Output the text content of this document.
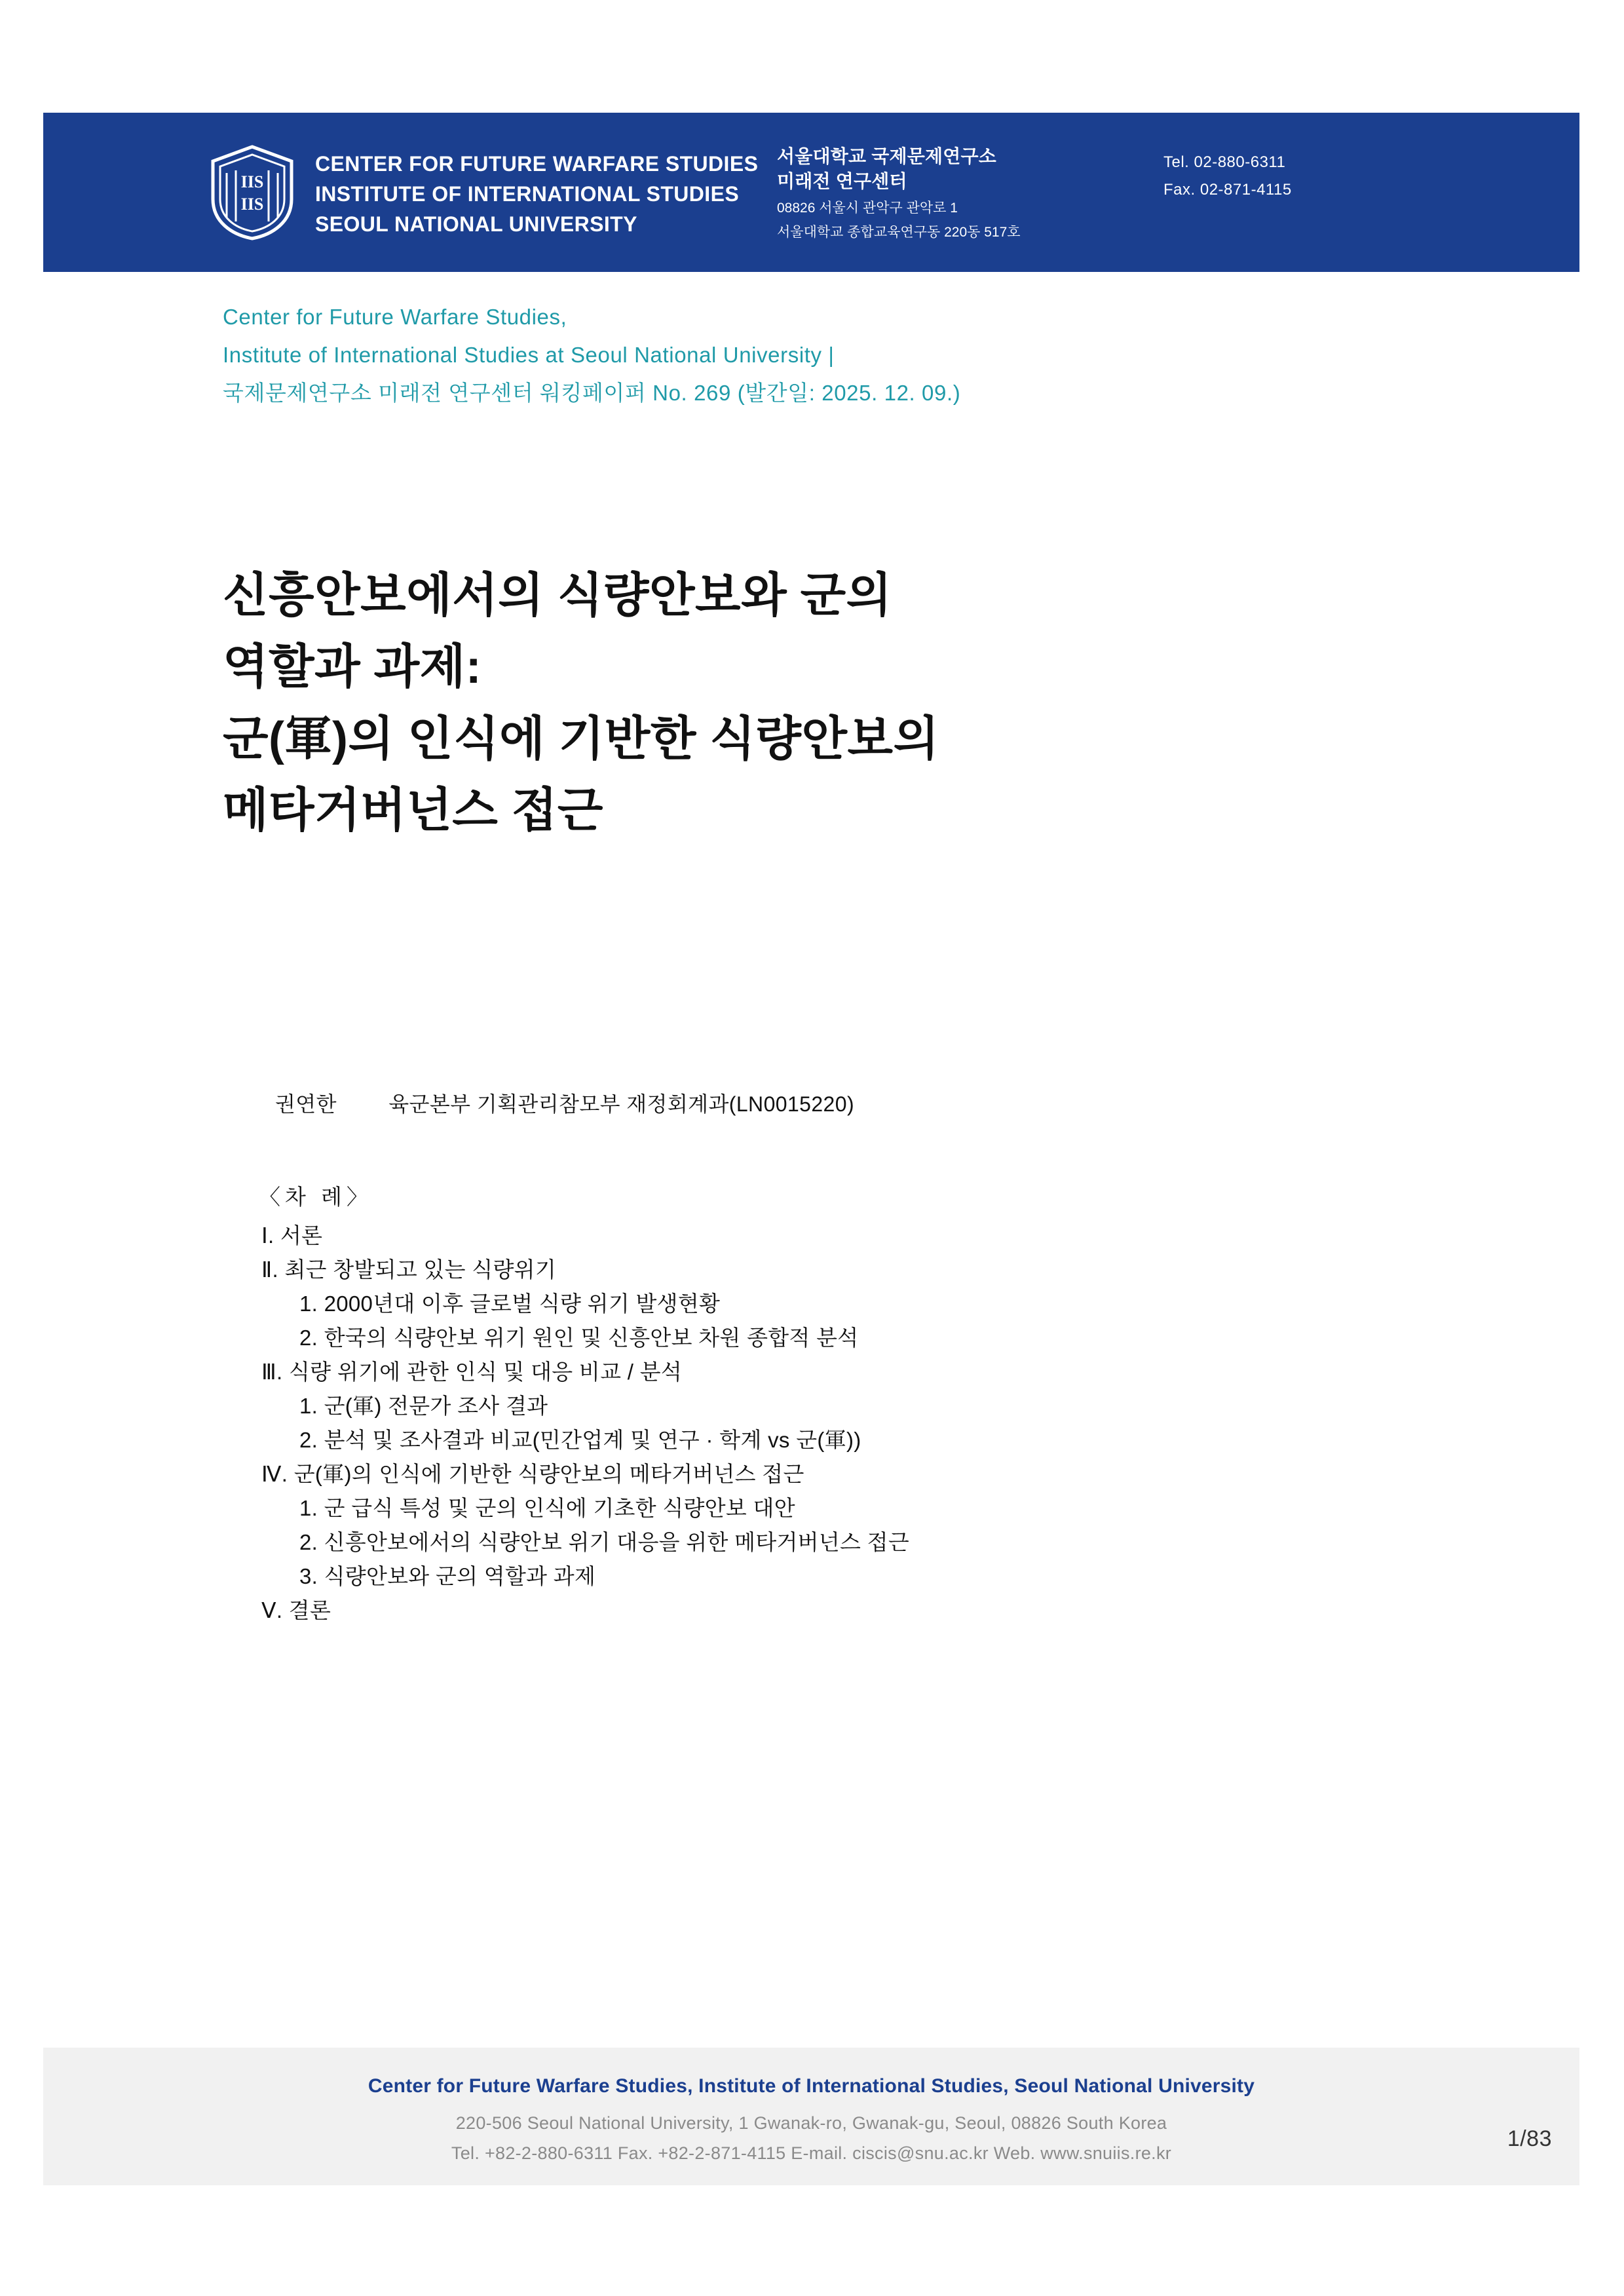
IIS
IIS
CENTER FOR FUTURE WARFARE STUDIES
INSTITUTE OF INTERNATIONAL STUDIES
SEOUL NATIONAL UNIVERSITY
서울대학교 국제문제연구소
미래전 연구센터
08826 서울시 관악구 관악로 1
서울대학교 종합교육연구동 220동 517호
Tel. 02-880-6311
Fax. 02-871-4115
Center for Future Warfare Studies,
Institute of International Studies at Seoul National University |
국제문제연구소 미래전 연구센터 워킹페이퍼 No. 269 (발간일: 2025. 12. 09.)
신흥안보에서의 식량안보와 군의
역할과 과제:
군(軍)의 인식에 기반한 식량안보의
메타거버넌스 접근
권연한 육군본부 기획관리참모부 재정회계과(LN0015220)
〈차 례〉
Ⅰ. 서론
Ⅱ. 최근 창발되고 있는 식량위기
1. 2000년대 이후 글로벌 식량 위기 발생현황
2. 한국의 식량안보 위기 원인 및 신흥안보 차원 종합적 분석
Ⅲ. 식량 위기에 관한 인식 및 대응 비교 / 분석
1. 군(軍) 전문가 조사 결과
2. 분석 및 조사결과 비교(민간업계 및 연구 · 학계 vs 군(軍))
Ⅳ. 군(軍)의 인식에 기반한 식량안보의 메타거버넌스 접근
1. 군 급식 특성 및 군의 인식에 기초한 식량안보 대안
2. 신흥안보에서의 식량안보 위기 대응을 위한 메타거버넌스 접근
3. 식량안보와 군의 역할과 과제
Ⅴ. 결론
Center for Future Warfare Studies, Institute of International Studies, Seoul National University
220-506 Seoul National University, 1 Gwanak-ro, Gwanak-gu, Seoul, 08826 South Korea
Tel. +82-2-880-6311 Fax. +82-2-871-4115 E-mail. ciscis@snu.ac.kr Web. www.snuiis.re.kr
1/83
